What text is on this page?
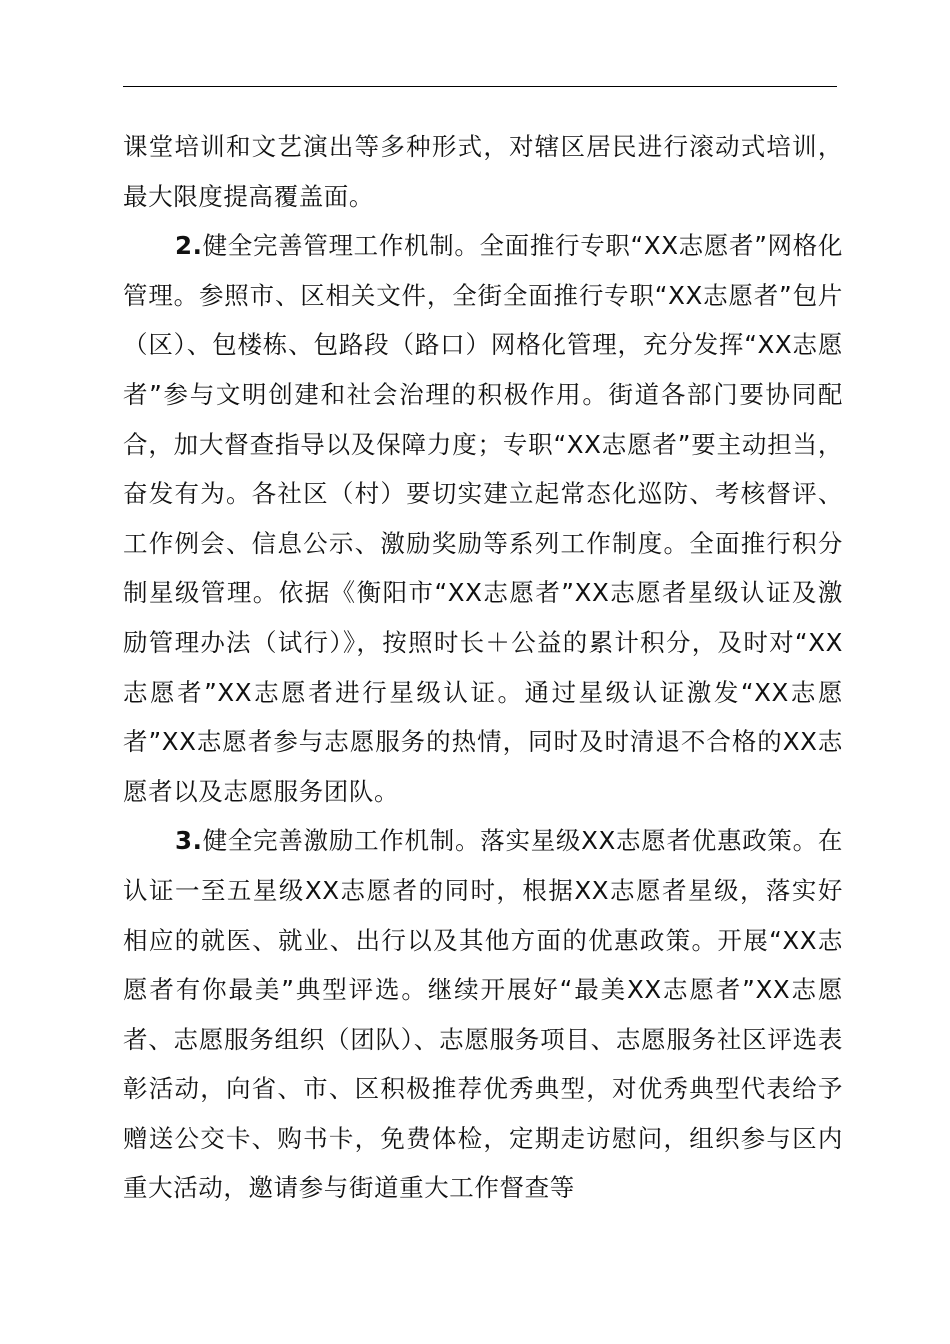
课堂培训和文艺演出等多种形式，对辖区居民进行滚动式培训，最大限度提高覆盖面。

2.健全完善管理工作机制。全面推行专职“XX志愿者”网格化管理。参照市、区相关文件，全街全面推行专职“XX志愿者”包片（区）、包楼栋、包路段（路口）网格化管理，充分发挥“XX志愿者”参与文明创建和社会治理的积极作用。街道各部门要协同配合，加大督查指导以及保障力度；专职“XX志愿者”要主动担当，奋发有为。各社区（村）要切实建立起常态化巡防、考核督评、工作例会、信息公示、激励奖励等系列工作制度。全面推行积分制星级管理。依据《衡阳市“XX志愿者”XX志愿者星级认证及激励管理办法（试行）》，按照时长＋公益的累计积分，及时对“XX志愿者”XX志愿者进行星级认证。通过星级认证激发“XX志愿者”XX志愿者参与志愿服务的热情，同时及时清退不合格的XX志愿者以及志愿服务团队。

3.健全完善激励工作机制。落实星级XX志愿者优惠政策。在认证一至五星级XX志愿者的同时，根据XX志愿者星级，落实好相应的就医、就业、出行以及其他方面的优惠政策。开展“XX志愿者有你最美”典型评选。继续开展好“最美XX志愿者”XX志愿者、志愿服务组织（团队）、志愿服务项目、志愿服务社区评选表彰活动，向省、市、区积极推荐优秀典型，对优秀典型代表给予赠送公交卡、购书卡，免费体检，定期走访慰问，组织参与区内重大活动，邀请参与街道重大工作督查等
